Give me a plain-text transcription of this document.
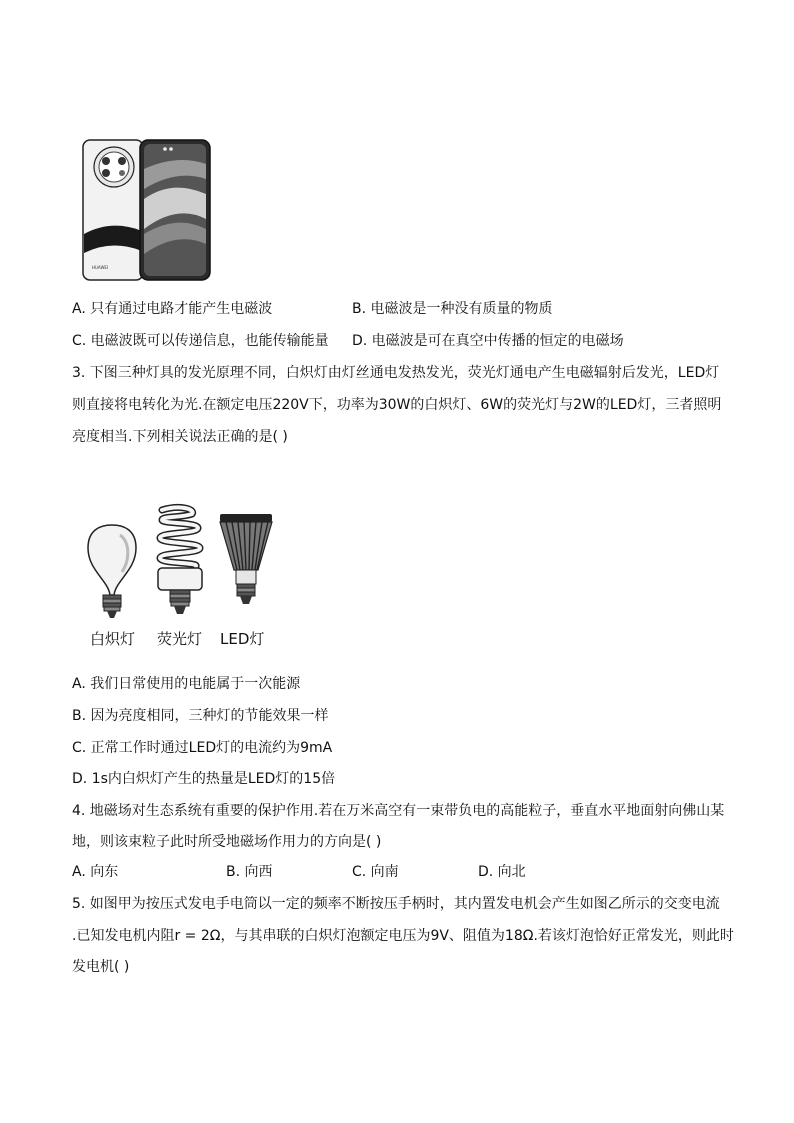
HUAWEI
A. 只有通过电路才能产生电磁波	B. 电磁波是一种没有质量的物质
C. 电磁波既可以传递信息，也能传输能量 D. 电磁波是可在真空中传播的恒定的电磁场
3. 下图三种灯具的发光原理不同，白炽灯由灯丝通电发热发光，荧光灯通电产生电磁辐射后发光，LED灯
则直接将电转化为光.在额定电压220V下，功率为30W的白炽灯、6W的荧光灯与2W的LED灯，三者照明
亮度相当.下列相关说法正确的是( )
白炽灯 荧光灯 LED灯
A. 我们日常使用的电能属于一次能源
B. 因为亮度相同，三种灯的节能效果一样
C. 正常工作时通过LED灯的电流约为9mA
D. 1s内白炽灯产生的热量是LED灯的15倍
4. 地磁场对生态系统有重要的保护作用.若在万米高空有一束带负电的高能粒子，垂直水平地面射向佛山某
地，则该束粒子此时所受地磁场作用力的方向是( )
A. 向东	B. 向西	C. 向南	D. 向北
5. 如图甲为按压式发电手电筒以一定的频率不断按压手柄时，其内置发电机会产生如图乙所示的交变电流
.已知发电机内阻r = 2Ω，与其串联的白炽灯泡额定电压为9V、阻值为18Ω.若该灯泡恰好正常发光，则此时
发电机( )
